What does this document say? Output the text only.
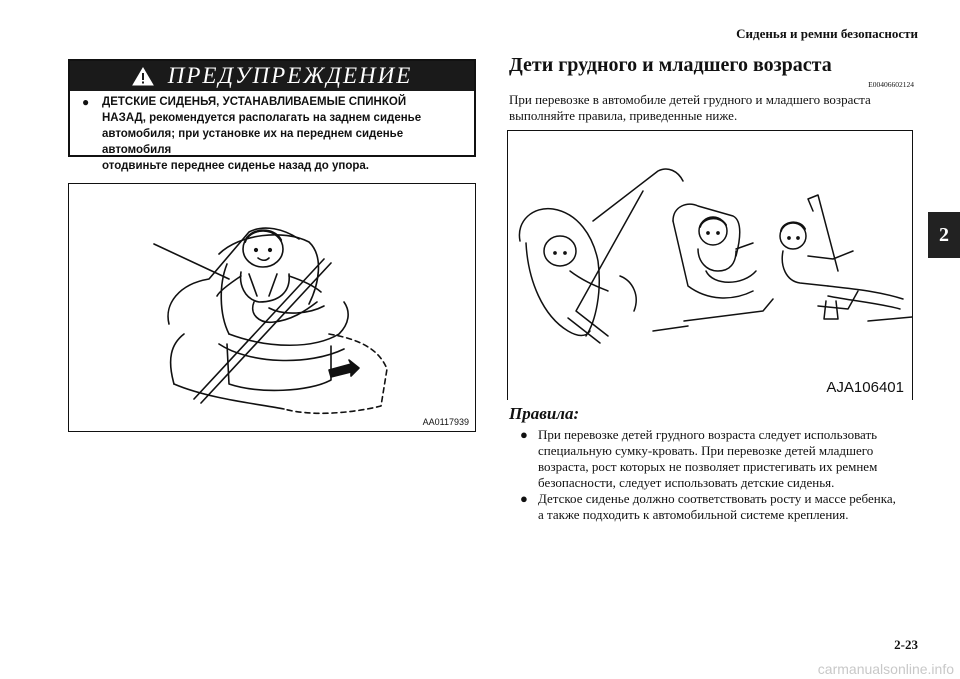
Сиденья и ремни безопасности
2
ПРЕДУПРЕЖДЕНИЕ
●	ДЕТСКИЕ СИДЕНЬЯ, УСТАНАВЛИВАЕМЫЕ СПИНКОЙ
НАЗАД, рекомендуется располагать на заднем сиденье
автомобиля; при установке их на переднем сиденье автомобиля
отодвиньте переднее сиденье назад до упора.
AA0117939
Дети грудного и младшего возраста
E00406602124
При перевозке в автомобиле детей грудного и младшего возраста
выполняйте правила, приведенные ниже.
AJA106401
Правила:
● При перевозке детей грудного возраста следует использовать
специальную сумку-кровать. При перевозке детей младшего
возраста, рост которых не позволяет пристегивать их ремнем
безопасности, следует использовать детские сиденья.
● Детское сиденье должно соответствовать росту и массе ребенка,
а также подходить к автомобильной системе крепления.
2-23
carmanualsonline.info
